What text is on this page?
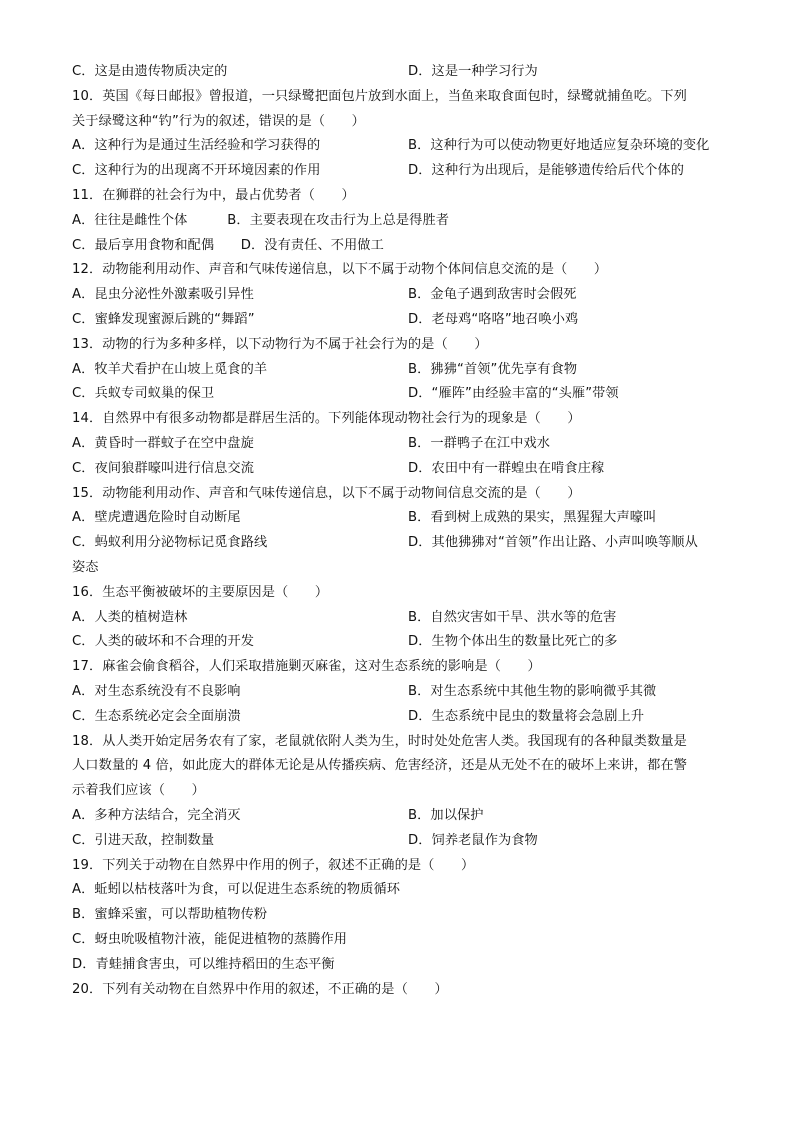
C．这是由遗传物质决定的	D．这是一种学习行为
10．英国《每日邮报》曾报道，一只绿鹭把面包片放到水面上，当鱼来取食面包时，绿鹭就捕鱼吃。下列
关于绿鹭这种“钓”行为的叙述，错误的是（　　）
A．这种行为是通过生活经验和学习获得的	B．这种行为可以使动物更好地适应复杂环境的变化
C．这种行为的出现离不开环境因素的作用	D．这种行为出现后，是能够遗传给后代个体的
11．在狮群的社会行为中，最占优势者（　　）
A．往往是雌性个体　　　B．主要表现在攻击行为上总是得胜者
C．最后享用食物和配偶　　D．没有责任、不用做工
12．动物能利用动作、声音和气味传递信息，以下不属于动物个体间信息交流的是（　　）
A．昆虫分泌性外激素吸引异性	B．金龟子遇到敌害时会假死
C．蜜蜂发现蜜源后跳的“舞蹈”	D．老母鸡“咯咯”地召唤小鸡
13．动物的行为多种多样，以下动物行为不属于社会行为的是（　　）
A．牧羊犬看护在山坡上觅食的羊	B．狒狒“首领”优先享有食物
C．兵蚁专司蚁巢的保卫	D．“雁阵”由经验丰富的“头雁”带领
14．自然界中有很多动物都是群居生活的。下列能体现动物社会行为的现象是（　　）
A．黄昏时一群蚊子在空中盘旋	B．一群鸭子在江中戏水
C．夜间狼群嚎叫进行信息交流	D．农田中有一群蝗虫在啃食庄稼
15．动物能利用动作、声音和气味传递信息，以下不属于动物间信息交流的是（　　）
A．壁虎遭遇危险时自动断尾	B．看到树上成熟的果实，黑猩猩大声嚎叫
C．蚂蚁利用分泌物标记觅食路线	D．其他狒狒对“首领”作出让路、小声叫唤等顺从
姿态
16．生态平衡被破坏的主要原因是（　　）
A．人类的植树造林	B．自然灾害如干旱、洪水等的危害
C．人类的破坏和不合理的开发	D．生物个体出生的数量比死亡的多
17．麻雀会偷食稻谷，人们采取措施剿灭麻雀，这对生态系统的影响是（　　）
A．对生态系统没有不良影响	B．对生态系统中其他生物的影响微乎其微
C．生态系统必定会全面崩溃	D．生态系统中昆虫的数量将会急剧上升
18．从人类开始定居务农有了家，老鼠就依附人类为生，时时处处危害人类。我国现有的各种鼠类数量是
人口数量的 4 倍，如此庞大的群体无论是从传播疾病、危害经济，还是从无处不在的破坏上来讲，都在警
示着我们应该（　　）
A．多种方法结合，完全消灭	B．加以保护
C．引进天敌，控制数量	D．饲养老鼠作为食物
19．下列关于动物在自然界中作用的例子，叙述不正确的是（　　）
A．蚯蚓以枯枝落叶为食，可以促进生态系统的物质循环
B．蜜蜂采蜜，可以帮助植物传粉
C．蚜虫吮吸植物汁液，能促进植物的蒸腾作用
D．青蛙捕食害虫，可以维持稻田的生态平衡
20．下列有关动物在自然界中作用的叙述，不正确的是（　　）
